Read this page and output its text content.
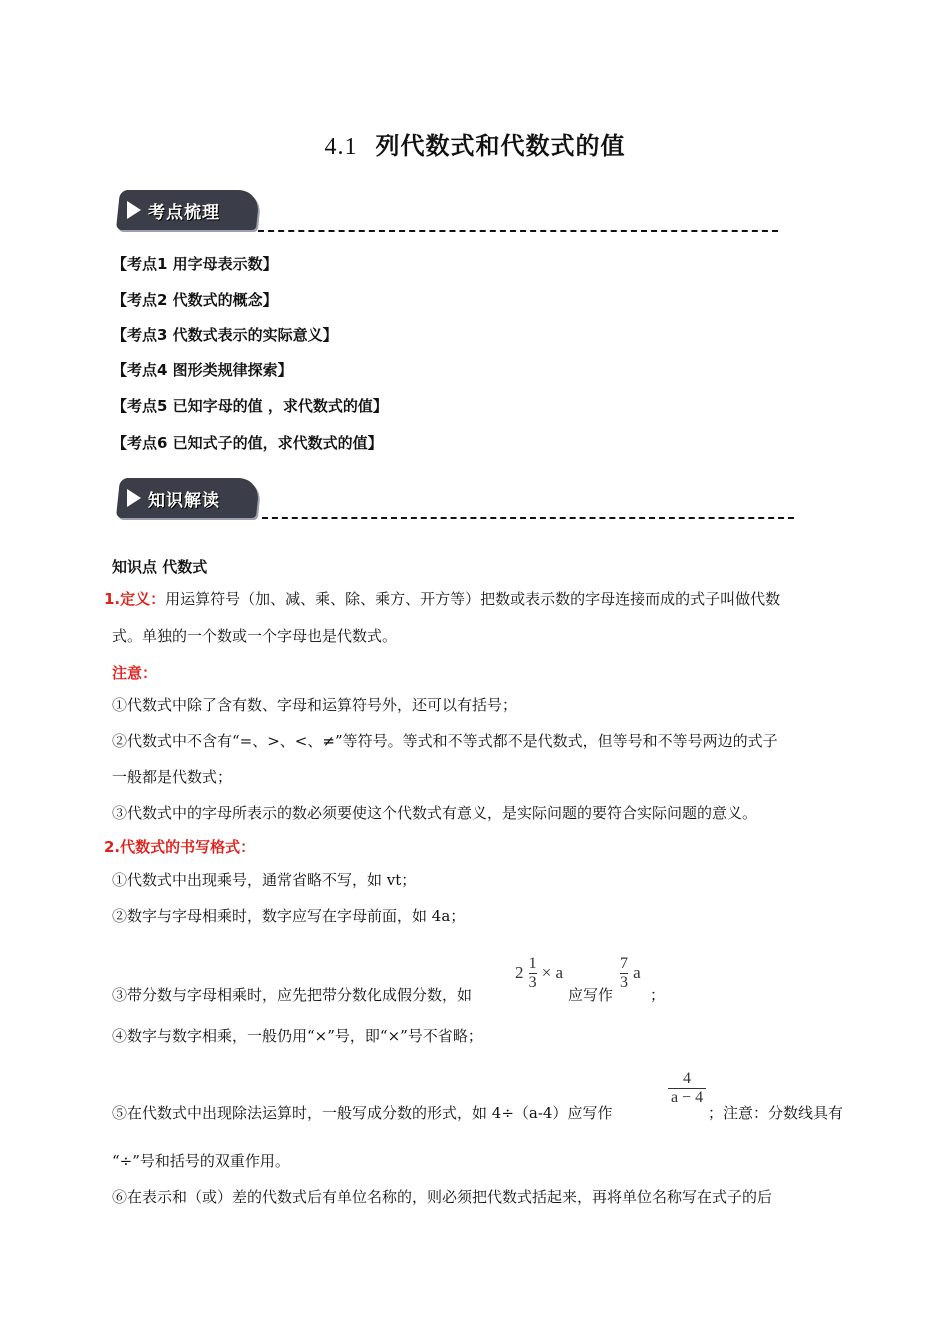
4.1 列代数式和代数式的值
考点梳理
【考点1 用字母表示数】
【考点2 代数式的概念】
【考点3 代数式表示的实际意义】
【考点4 图形类规律探索】
【考点5 已知字母的值 ，求代数式的值】
【考点6 已知式子的值，求代数式的值】
知识解读
知识点 代数式
1.定义：用运算符号（加、减、乘、除、乘方、开方等）把数或表示数的字母连接而成的式子叫做代数
式。单独的一个数或一个字母也是代数式。
注意：
①代数式中除了含有数、字母和运算符号外，还可以有括号；
②代数式中不含有“=、>、<、≠”等符号。等式和不等式都不是代数式，但等号和不等号两边的式子
一般都是代数式；
③代数式中的字母所表示的数必须要使这个代数式有意义，是实际问题的要符合实际问题的意义。
2.代数式的书写格式：
①代数式中出现乘号，通常省略不写，如 vt；
②数字与字母相乘时，数字应写在字母前面，如 4a；
③带分数与字母相乘时，应先把带分数化成假分数，如
$2 \frac{1}{3} \times a$
应写作
$\frac{7}{3}$ a
；
④数字与数字相乘，一般仍用“×”号，即“×”号不省略；
⑤在代数式中出现除法运算时，一般写成分数的形式，如 4÷（a-4）应写作
$\frac{4}{a - 4}$
；注意：分数线具有
“÷”号和括号的双重作用。
⑥在表示和（或）差的代数式后有单位名称的，则必须把代数式括起来，再将单位名称写在式子的后
